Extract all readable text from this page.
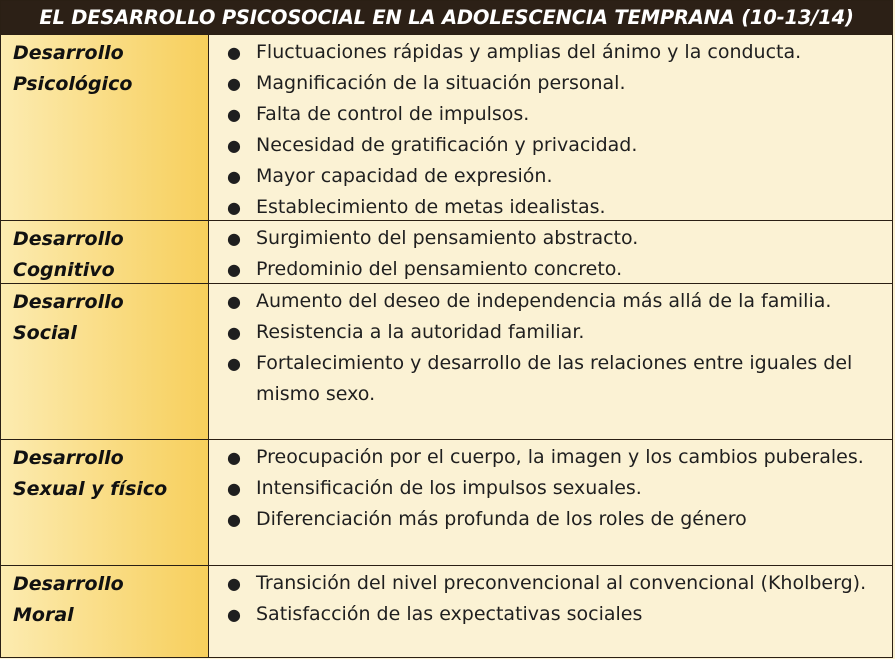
EL DESARROLLO PSICOSOCIAL EN LA ADOLESCENCIA TEMPRANA (10-13/14)
Desarrollo
Psicológico
● Fluctuaciones rápidas y amplias del ánimo y la conducta.
● Magnificación de la situación personal.
● Falta de control de impulsos.
● Necesidad de gratificación y privacidad.
● Mayor capacidad de expresión.
● Establecimiento de metas idealistas.
Desarrollo
Cognitivo
● Surgimiento del pensamiento abstracto.
● Predominio del pensamiento concreto.
Desarrollo
Social
● Aumento del deseo de independencia más allá de la familia.
● Resistencia a la autoridad familiar.
● Fortalecimiento y desarrollo de las relaciones entre iguales del mismo sexo.
Desarrollo
Sexual y físico
● Preocupación por el cuerpo, la imagen y los cambios puberales.
● Intensificación de los impulsos sexuales.
● Diferenciación más profunda de los roles de género
Desarrollo
Moral
● Transición del nivel preconvencional al convencional (Kholberg).
● Satisfacción de las expectativas sociales
